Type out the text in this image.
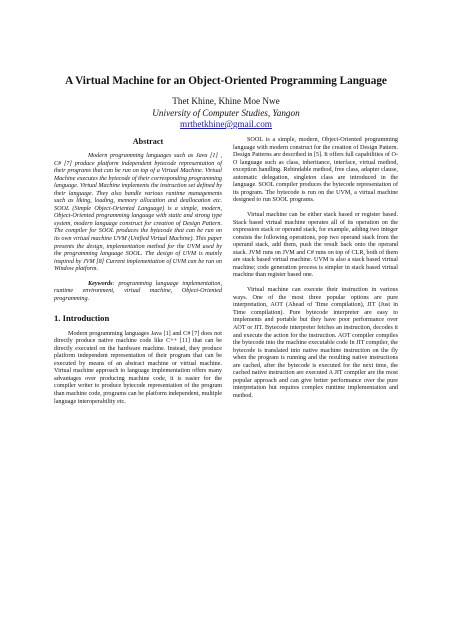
A Virtual Machine for an Object-Oriented Programming Language
Thet Khine, Khine Moe Nwe
University of Computer Studies, Yangon
mrthetkhine@gmail.com
Abstract

Modern programming languages such as Java [1] , C# [7] produce platform independent bytecode representation of their programs that can be run on top of a Virtual Machine. Virtual Machine executes the bytecode of their corresponding programming language. Virtual Machine implements the instruction set defined by their language. They also handle various runtime managements such as liking, loading, memory allocation and deallocation etc. SOOL (Simple Object-Oriented Language) is a simple, modern, Object-Oriented programming language with static and strong type system, modern language construct for creation of Design Pattern. The compiler for SOOL produces the bytecode that can be run on its own virtual machine UVM (Unified Virtual Machine). This paper presents the design, implementation method for the UVM used by the programming language SOOL. The design of UVM is mainly inspired by JVM [8] Current implementation of UVM can be run on Window platform.

Keywords: programming language implementation, runtime environment, virtual machine, Object-Oriented programming.

1. Introduction

Modern programming languages Java [1] and C# [7] does not directly produce native machine code like C++ [11] that can be directly executed on the hardware machine. Instead, they produce platform independent representation of their program that can be executed by means of an abstract machine or virtual machine. Virtual machine approach to language implementation offers many advantages over producing machine code, it is easier for the compiler writer to produce bytecode representation of the program than machine code, programs can be platform independent, multiple language interoperability etc.

SOOL is a simple, modern, Object-Oriented programming language with modern construct for the creation of Design Pattern. Design Patterns are described in [5]. It offers full capabilities of O-O language such as class, inheritance, interface, virtual method, exception handling. Rebindable method, free class, adapter clause, automatic delegation, singleton class are introduced in the language. SOOL compiler produces the bytecode representation of its program. The bytecode is run on the UVM, a virtual machine designed to run SOOL programs.

Virtual machine can be either stack based or register based. Stack based virtual machine operates all of its operation on the expression stack or operand stack, for example, adding two integer consists the following operations, pop two operand stack from the operand stack, add them, push the result back onto the operand stack. JVM runs on JVM and C# runs on top of CLR, both of them are stack based virtual machine. UVM is also a stack based virtual machine; code generation process is simpler in stack based virtual machine than register based one.

Virtual machine can execute their instruction in various ways. One of the most three popular options are pure interpretation, AOT (Ahead of Time compilation), JIT (Just in Time compilation). Pure bytecode interpreter are easy to implements and portable but they have poor performance over AOT or JIT. Bytecode interpreter fetches an instruction, decodes it and execute the action for the instruction. AOT compiler compiles the bytecode into the machine executable code In JIT compiler, the bytecode is translated into native machine instruction on the fly when the program is running and the resulting native instructions are cached, after the bytecode is executed for the next time, the cached native instruction are executed A JIT compiler are the most popular approach and can give better performance over the pure interpretation but requires complex runtime implementation and method.
